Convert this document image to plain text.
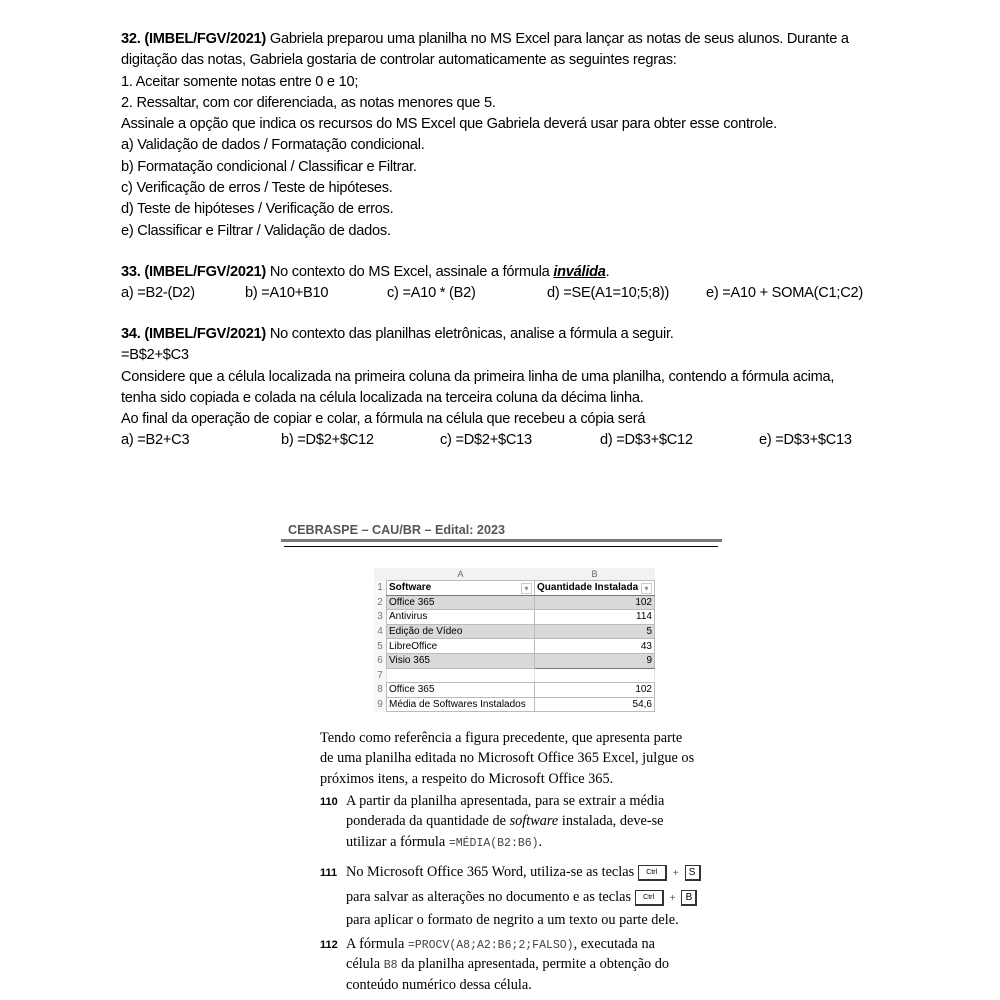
32. (IMBEL/FGV/2021) Gabriela preparou uma planilha no MS Excel para lançar as notas de seus alunos. Durante a
digitação das notas, Gabriela gostaria de controlar automaticamente as seguintes regras:
1. Aceitar somente notas entre 0 e 10;
2. Ressaltar, com cor diferenciada, as notas menores que 5.
Assinale a opção que indica os recursos do MS Excel que Gabriela deverá usar para obter esse controle.
a) Validação de dados / Formatação condicional.
b) Formatação condicional / Classificar e Filtrar.
c) Verificação de erros / Teste de hipóteses.
d) Teste de hipóteses / Verificação de erros.
e) Classificar e Filtrar / Validação de dados.
33. (IMBEL/FGV/2021) No contexto do MS Excel, assinale a fórmula inválida.
a) =B2-(D2)	b) =A10+B10	c) =A10 * (B2)	d) =SE(A1=10;5;8))	e) =A10 + SOMA(C1;C2)
34. (IMBEL/FGV/2021) No contexto das planilhas eletrônicas, analise a fórmula a seguir.
=B$2+$C3
Considere que a célula localizada na primeira coluna da primeira linha de uma planilha, contendo a fórmula acima,
tenha sido copiada e colada na célula localizada na terceira coluna da décima linha.
Ao final da operação de copiar e colar, a fórmula na célula que recebeu a cópia será
a) =B2+C3	b) =D$2+$C12	c) =D$2+$C13	d) =D$3+$C12	e) =D$3+$C13
CEBRASPE – CAU/BR – Edital: 2023
	A	B
1	Software ▾	Quantidade Instalada ▾

2	Office 365	102
3	Antivirus	114
4	Edição de Vídeo	5
5	LibreOffice	43
6	Visio 365	9
7		
8	Office 365	102
9	Média de Softwares Instalados	54,6
Tendo como referência a figura precedente, que apresenta parte
de uma planilha editada no Microsoft Office 365 Excel, julgue os
próximos itens, a respeito do Microsoft Office 365.
110 A partir da planilha apresentada, para se extrair a média
ponderada da quantidade de software instalada, deve-se
utilizar a fórmula =MÉDIA(B2:B6).
111 No Microsoft Office 365 Word, utiliza-se as teclas Ctrl + S
para salvar as alterações no documento e as teclas Ctrl + B
para aplicar o formato de negrito a um texto ou parte dele.
112 A fórmula =PROCV(A8;A2:B6;2;FALSO), executada na
célula B8 da planilha apresentada, permite a obtenção do
conteúdo numérico dessa célula.
